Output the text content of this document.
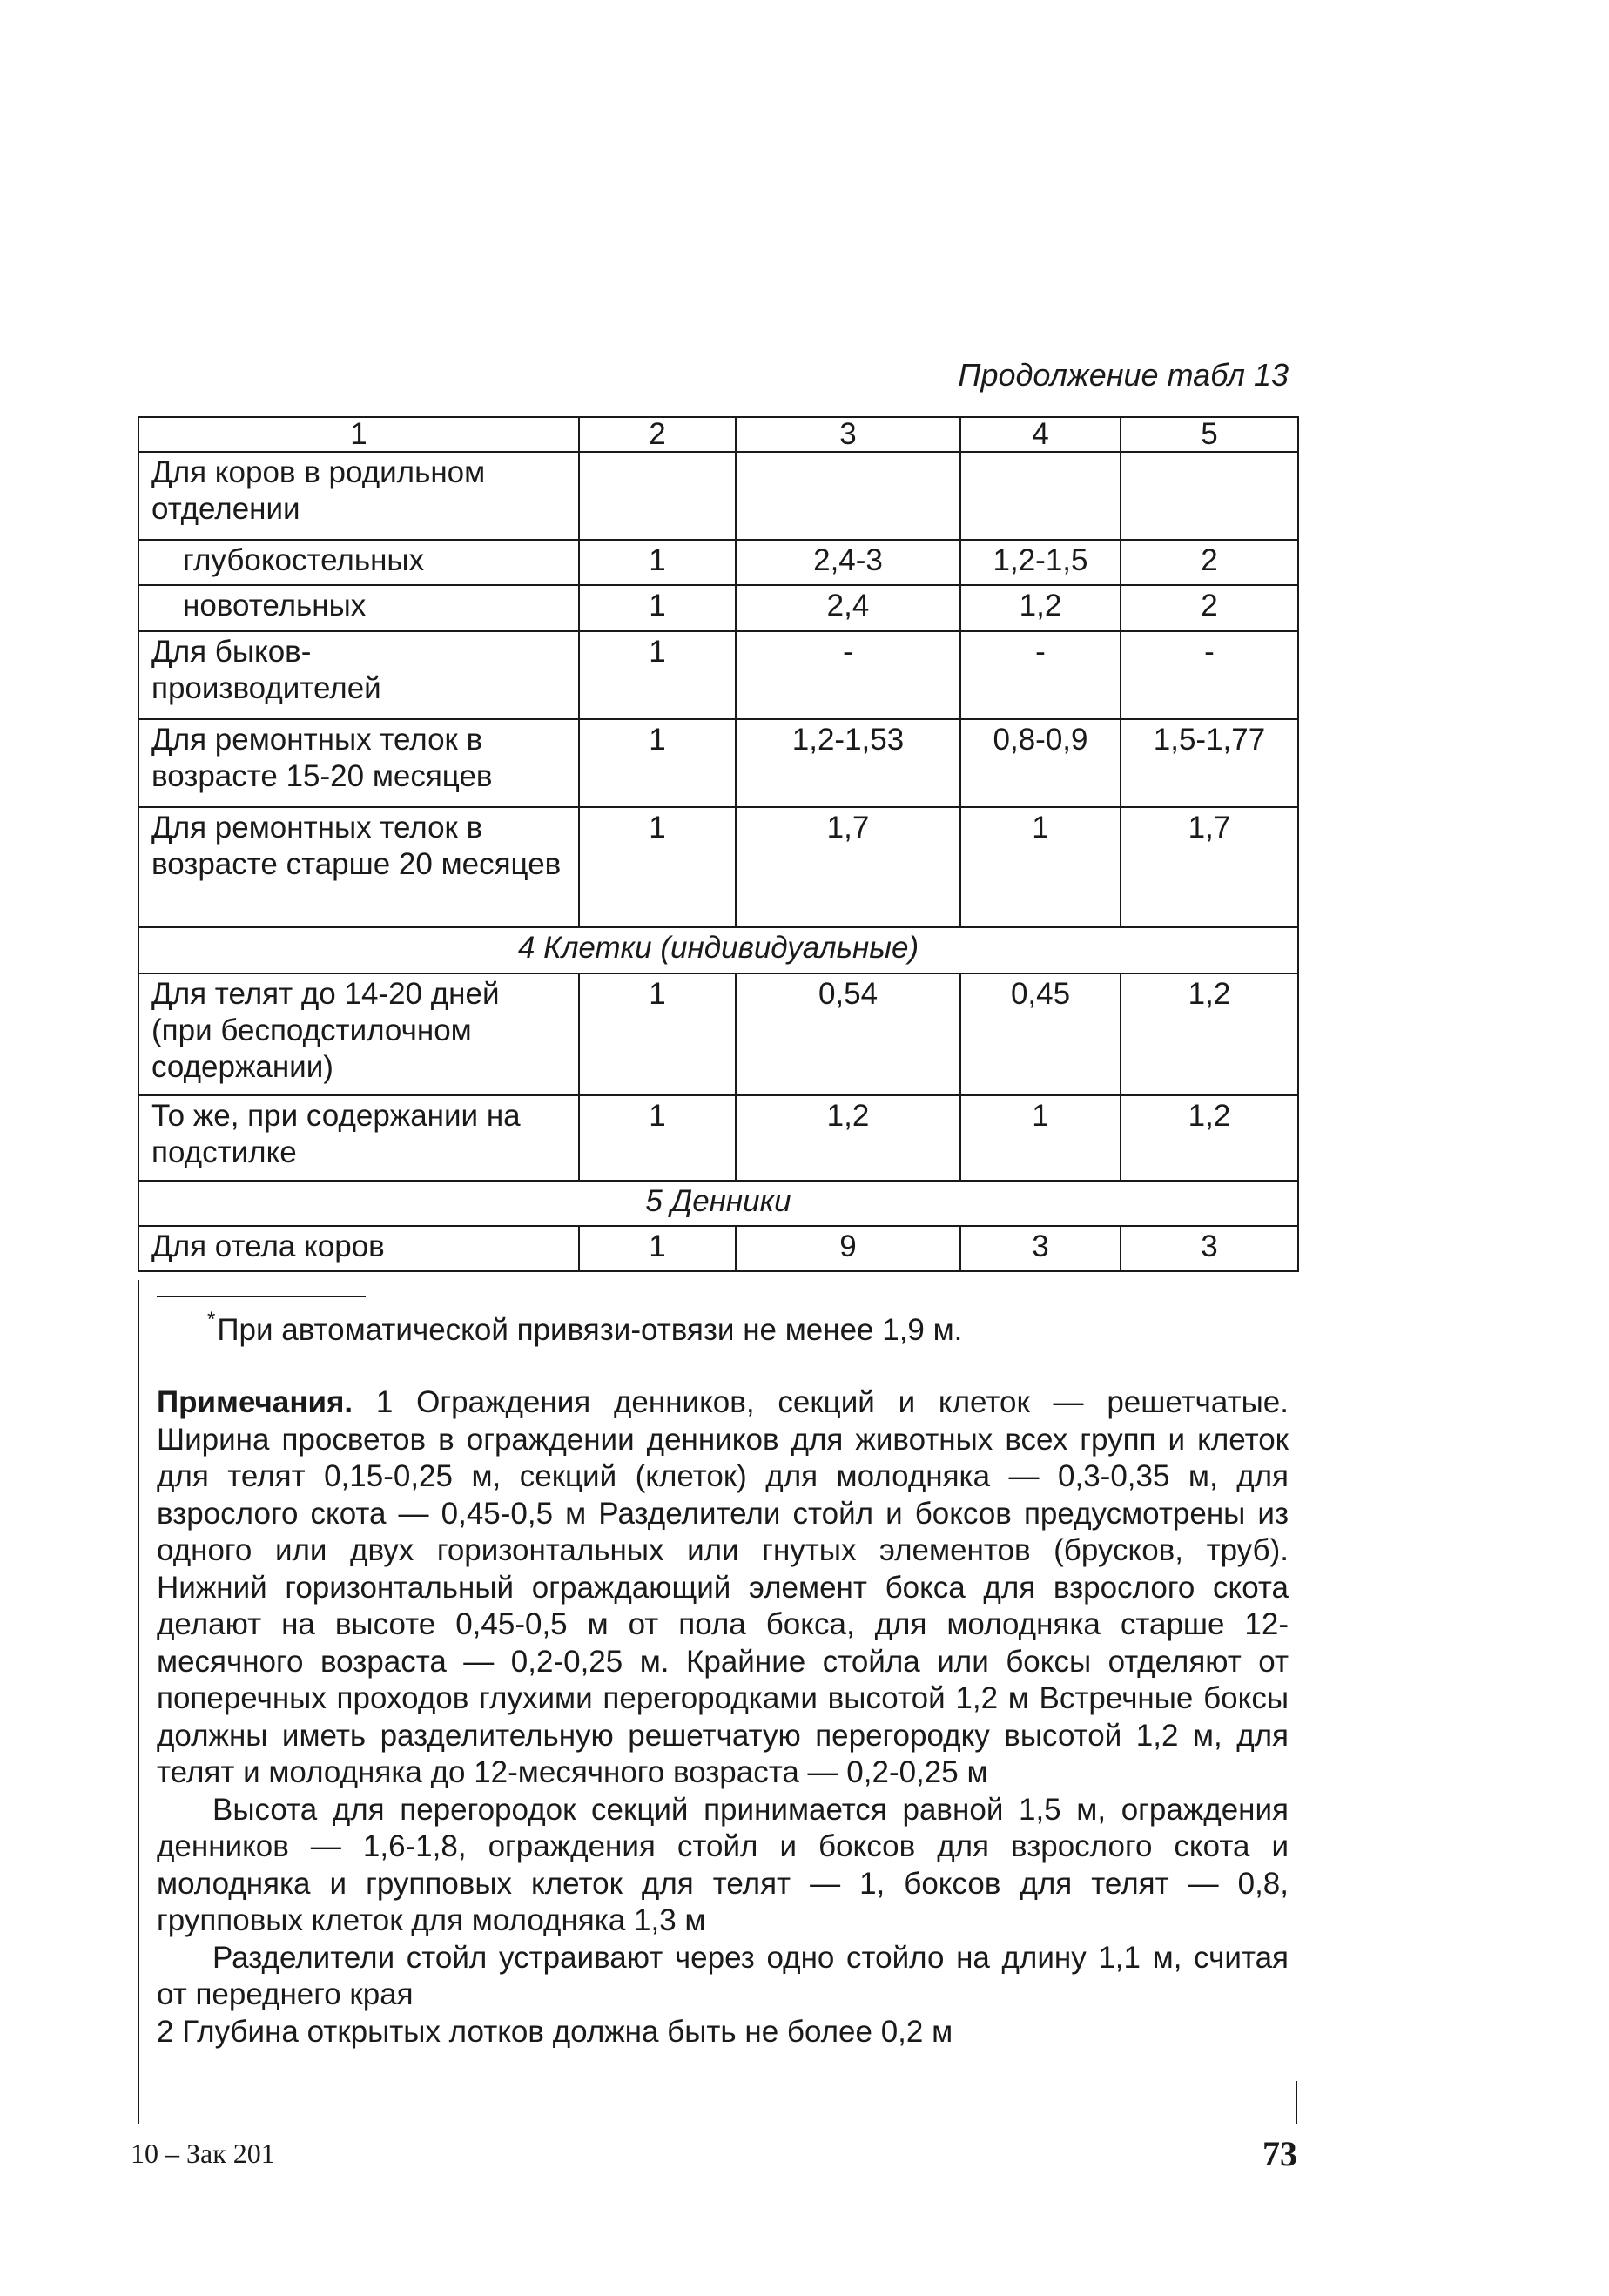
Продолжение табл 13
1	2	3	4	5
Для коров в родильном отделении				
глубокостельных	1	2,4-3	1,2-1,5	2
новотельных	1	2,4	1,2	2
Для быков-производителей	1	-	-	-
Для ремонтных телок в возрасте 15-20 месяцев	1	1,2-1,53	0,8-0,9	1,5-1,77
Для ремонтных телок в возрасте старше 20 месяцев	1	1,7	1	1,7
4 Клетки (индивидуальные)				
Для телят до 14-20 дней (при бесподстилочном содержании)	1	0,54	0,45	1,2
То же, при содержании на подстилке	1	1,2	1	1,2
5 Денники				
Для отела коров	1	9	3	3
*При автоматической привязи-отвязи не менее 1,9 м.

Примечания. 1 Ограждения денников, секций и клеток — решетчатые. Ширина просветов в ограждении денников для животных всех групп и клеток для телят 0,15-0,25 м, секций (клеток) для молодняка — 0,3-0,35 м, для взрослого скота — 0,45-0,5 м Разделители стойл и боксов предусмотрены из одного или двух горизонтальных или гнутых элементов (брусков, труб). Нижний горизонтальный ограждающий элемент бокса для взрослого скота делают на высоте 0,45-0,5 м от пола бокса, для молодняка старше 12-месячного возраста — 0,2-0,25 м. Крайние стойла или боксы отделяют от поперечных проходов глухими перегородками высотой 1,2 м Встречные боксы должны иметь разделительную решетчатую перегородку высотой 1,2 м, для телят и молодняка до 12-месячного возраста — 0,2-0,25 м

Высота для перегородок секций принимается равной 1,5 м, ограждения денников — 1,6-1,8, ограждения стойл и боксов для взрослого скота и молодняка и групповых клеток для телят — 1, боксов для телят — 0,8, групповых клеток для молодняка 1,3 м

Разделители стойл устраивают через одно стойло на длину 1,1 м, считая от переднего края

2 Глубина открытых лотков должна быть не более 0,2 м

10 – Зак 201	73
